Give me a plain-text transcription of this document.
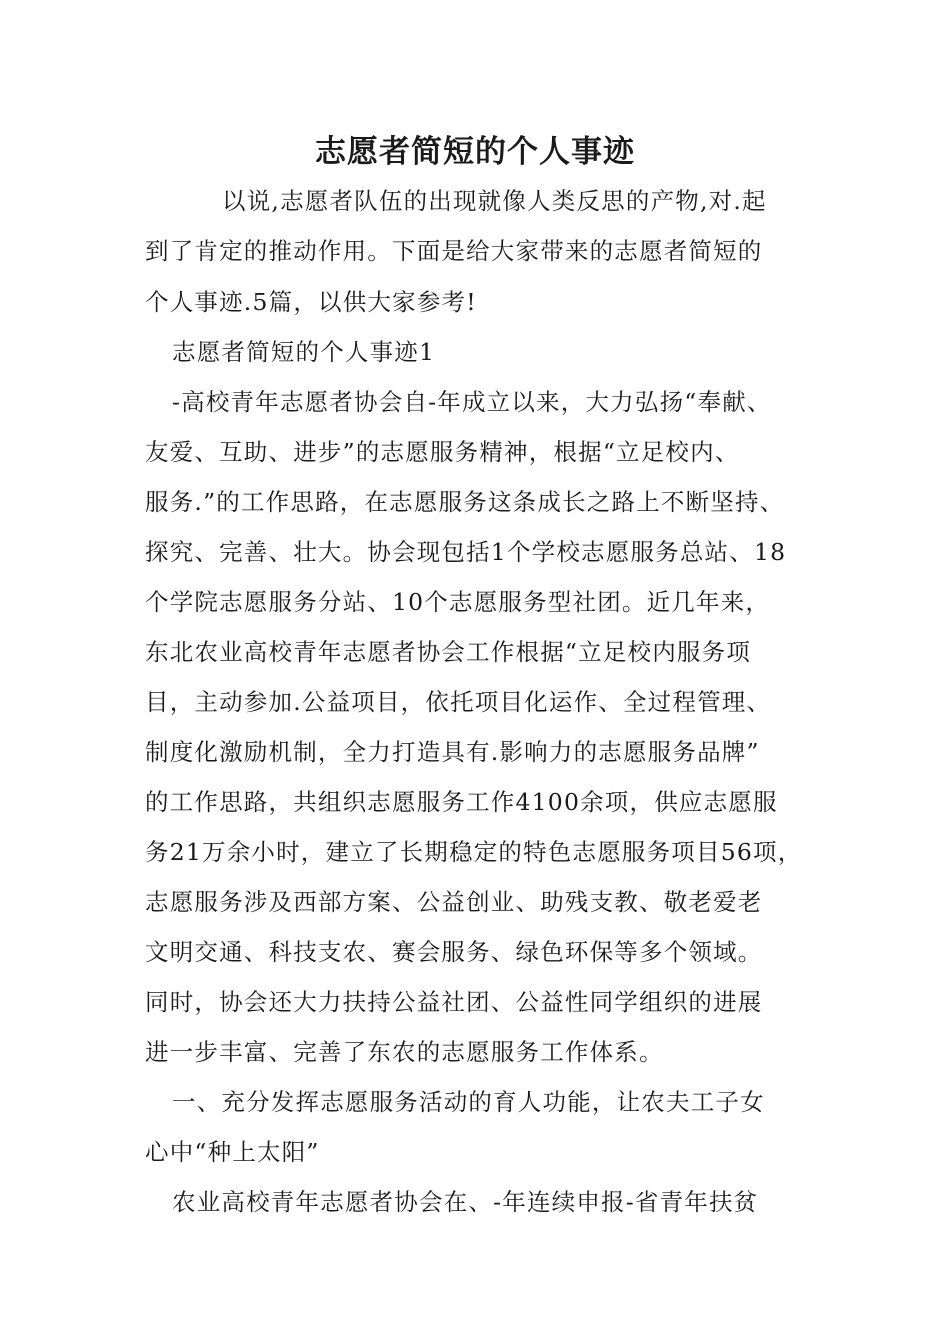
志愿者简短的个人事迹
以说,志愿者队伍的出现就像人类反思的产物,对.起
到了肯定的推动作用。下面是给大家带来的志愿者简短的
个人事迹.5篇，以供大家参考!
志愿者简短的个人事迹1
-高校青年志愿者协会自-年成立以来，大力弘扬“奉献、
友爱、互助、进步”的志愿服务精神，根据“立足校内、
服务.”的工作思路，在志愿服务这条成长之路上不断坚持、
探究、完善、壮大。协会现包括1个学校志愿服务总站、18
个学院志愿服务分站、10个志愿服务型社团。近几年来，
东北农业高校青年志愿者协会工作根据“立足校内服务项
目，主动参加.公益项目，依托项目化运作、全过程管理、
制度化激励机制，全力打造具有.影响力的志愿服务品牌”
的工作思路，共组织志愿服务工作4100余项，供应志愿服
务21万余小时，建立了长期稳定的特色志愿服务项目56项，
志愿服务涉及西部方案、公益创业、助残支教、敬老爱老
文明交通、科技支农、赛会服务、绿色环保等多个领域。
同时，协会还大力扶持公益社团、公益性同学组织的进展
进一步丰富、完善了东农的志愿服务工作体系。
一、充分发挥志愿服务活动的育人功能，让农夫工子女
心中“种上太阳”
农业高校青年志愿者协会在、-年连续申报-省青年扶贫
